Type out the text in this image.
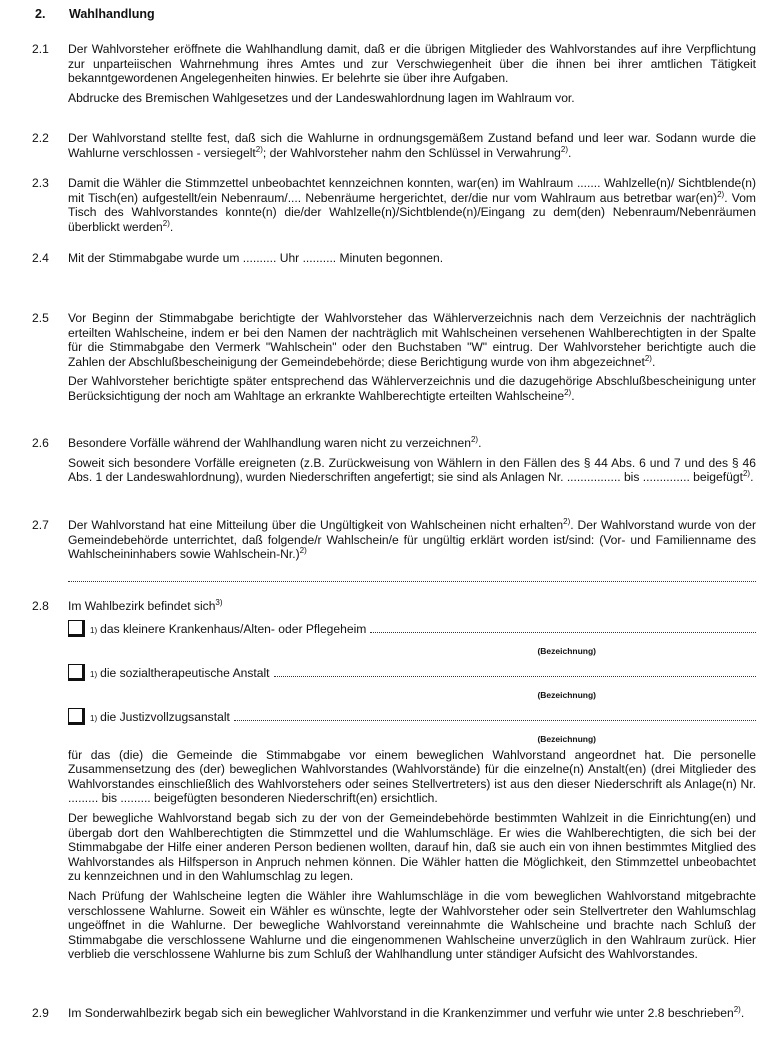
2. Wahlhandlung
2.1	Der Wahlvorsteher eröffnete die Wahlhandlung damit, daß er die übrigen Mitglieder des Wahlvorstandes auf ihre Verpflichtung zur unparteiischen Wahrnehmung ihres Amtes und zur Verschwiegenheit über die ihnen bei ihrer amtlichen Tätigkeit bekanntgewordenen Angelegenheiten hinwies. Er belehrte sie über ihre Aufgaben.

Abdrucke des Bremischen Wahlgesetzes und der Landeswahlordnung lagen im Wahlraum vor.

2.2	Der Wahlvorstand stellte fest, daß sich die Wahlurne in ordnungsgemäßem Zustand befand und leer war. Sodann wurde die Wahlurne verschlossen - versiegelt$^{2)}$; der Wahlvorsteher nahm den Schlüssel in Verwahrung$^{2)}$.

2.3	Damit die Wähler die Stimmzettel unbeobachtet kennzeichnen konnten, war(en) im Wahlraum ....... Wahlzelle(n)/ Sichtblende(n) mit Tisch(en) aufgestellt/ein Nebenraum/.... Nebenräume hergerichtet, der/die nur vom Wahlraum aus betretbar war(en)$^{2)}$. Vom Tisch des Wahlvorstandes konnte(n) die/der Wahlzelle(n)/Sichtblende(n)/Eingang zu dem(den) Nebenraum/Nebenräumen überblickt werden$^{2)}$.

2.4	Mit der Stimmabgabe wurde um .......... Uhr .......... Minuten begonnen.

2.5	Vor Beginn der Stimmabgabe berichtigte der Wahlvorsteher das Wählerverzeichnis nach dem Verzeichnis der nachträglich erteilten Wahlscheine, indem er bei den Namen der nachträglich mit Wahlscheinen versehenen Wahlberechtigten in der Spalte für die Stimmabgabe den Vermerk "Wahlschein" oder den Buchstaben "W" eintrug. Der Wahlvorsteher berichtigte auch die Zahlen der Abschlußbescheinigung der Gemeindebehörde; diese Berichtigung wurde von ihm abgezeichnet$^{2)}$.

Der Wahlvorsteher berichtigte später entsprechend das Wählerverzeichnis und die dazugehörige Abschlußbescheinigung unter Berücksichtigung der noch am Wahltage an erkrankte Wahlberechtigte erteilten Wahlscheine$^{2)}$.

2.6	Besondere Vorfälle während der Wahlhandlung waren nicht zu verzeichnen$^{2)}$.

Soweit sich besondere Vorfälle ereigneten (z.B. Zurückweisung von Wählern in den Fällen des § 44 Abs. 6 und 7 und des § 46 Abs. 1 der Landeswahlordnung), wurden Niederschriften angefertigt; sie sind als Anlagen Nr. ................ bis .............. beigefügt$^{2)}$.

2.7	Der Wahlvorstand hat eine Mitteilung über die Ungültigkeit von Wahlscheinen nicht erhalten$^{2)}$. Der Wahlvorstand wurde von der Gemeindebehörde unterrichtet, daß folgende/r Wahlschein/e für ungültig erklärt worden ist/sind: (Vor- und Familienname des Wahlscheininhabers sowie Wahlschein-Nr.)$^{2)}$

2.8	Im Wahlbezirk befindet sich$^{3)}$

1) das kleinere Krankenhaus/Alten- oder Pflegeheim
(Bezeichnung)
1) die sozialtherapeutische Anstalt
(Bezeichnung)
1) die Justizvollzugsanstalt
(Bezeichnung)

für das (die) die Gemeinde die Stimmabgabe vor einem beweglichen Wahlvorstand angeordnet hat. Die personelle Zusammensetzung des (der) beweglichen Wahlvorstandes (Wahlvorstände) für die einzelne(n) Anstalt(en) (drei Mitglieder des Wahlvorstandes einschließlich des Wahlvorstehers oder seines Stellvertreters) ist aus den dieser Niederschrift als Anlage(n) Nr. ......... bis ......... beigefügten besonderen Niederschrift(en) ersichtlich.

Der bewegliche Wahlvorstand begab sich zu der von der Gemeindebehörde bestimmten Wahlzeit in die Einrichtung(en) und übergab dort den Wahlberechtigten die Stimmzettel und die Wahlumschläge. Er wies die Wahlberechtigten, die sich bei der Stimmabgabe der Hilfe einer anderen Person bedienen wollten, darauf hin, daß sie auch ein von ihnen bestimmtes Mitglied des Wahlvorstandes als Hilfsperson in Anpruch nehmen können. Die Wähler hatten die Möglichkeit, den Stimmzettel unbeobachtet zu kennzeichnen und in den Wahlumschlag zu legen.

Nach Prüfung der Wahlscheine legten die Wähler ihre Wahlumschläge in die vom beweglichen Wahlvorstand mitgebrachte verschlossene Wahlurne. Soweit ein Wähler es wünschte, legte der Wahlvorsteher oder sein Stellvertreter den Wahlumschlag ungeöffnet in die Wahlurne. Der bewegliche Wahlvorstand vereinnahmte die Wahlscheine und brachte nach Schluß der Stimmabgabe die verschlossene Wahlurne und die eingenommenen Wahlscheine unverzüglich in den Wahlraum zurück. Hier verblieb die verschlossene Wahlurne bis zum Schluß der Wahlhandlung unter ständiger Aufsicht des Wahlvorstandes.

2.9	Im Sonderwahlbezirk begab sich ein beweglicher Wahlvorstand in die Krankenzimmer und verfuhr wie unter 2.8 beschrieben$^{2)}$.
